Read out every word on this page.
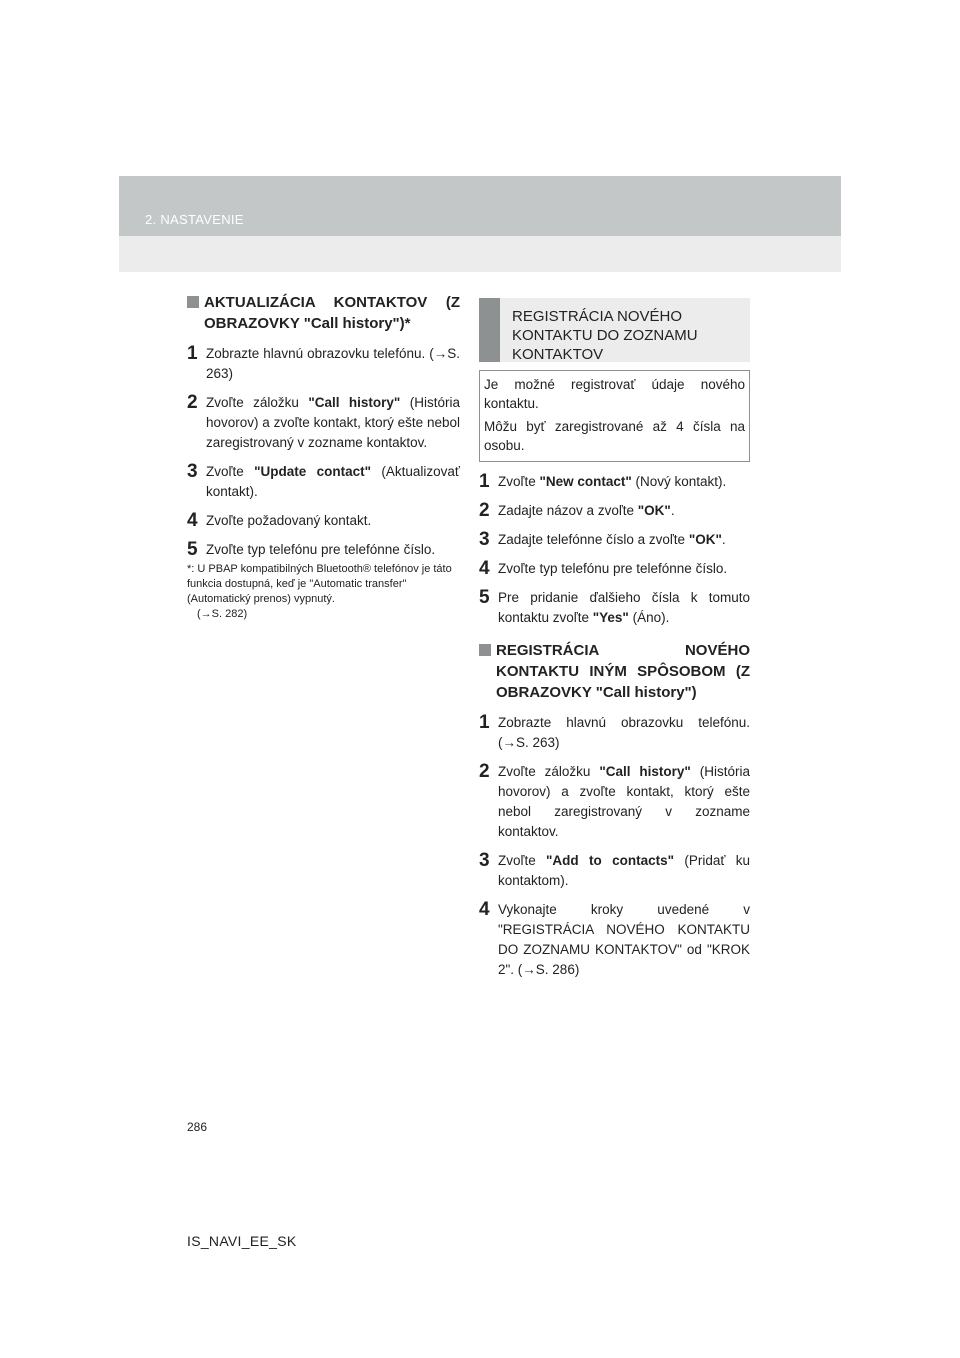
2. NASTAVENIE
AKTUALIZÁCIA KONTAKTOV (Z OBRAZOVKY "Call history")*
1 Zobrazte hlavnú obrazovku telefónu. (→S. 263)
2 Zvoľte záložku "Call history" (História hovorov) a zvoľte kontakt, ktorý ešte nebol zaregistrovaný v zozname kontaktov.
3 Zvoľte "Update contact" (Aktualizovať kontakt).
4 Zvoľte požadovaný kontakt.
5 Zvoľte typ telefónu pre telefónne číslo.
*: U PBAP kompatibilných Bluetooth® telefónov je táto funkcia dostupná, keď je "Automatic transfer" (Automatický prenos) vypnutý.
(→S. 282)
REGISTRÁCIA NOVÉHO KONTAKTU DO ZOZNAMU KONTAKTOV

Je možné registrovať údaje nového kontaktu.

Môžu byť zaregistrované až 4 čísla na osobu.

1 Zvoľte "New contact" (Nový kontakt).
2 Zadajte názov a zvoľte "OK".
3 Zadajte telefónne číslo a zvoľte "OK".
4 Zvoľte typ telefónu pre telefónne číslo.
5 Pre pridanie ďalšieho čísla k tomuto kontaktu zvoľte "Yes" (Áno).
REGISTRÁCIA NOVÉHO KONTAKTU INÝM SPÔSOBOM (Z OBRAZOVKY "Call history")
1 Zobrazte hlavnú obrazovku telefónu. (→S. 263)
2 Zvoľte záložku "Call history" (História hovorov) a zvoľte kontakt, ktorý ešte nebol zaregistrovaný v zozname kontaktov.
3 Zvoľte "Add to contacts" (Pridať ku kontaktom).
4 Vykonajte kroky uvedené v "REGISTRÁCIA NOVÉHO KONTAKTU DO ZOZNAMU KONTAKTOV" od "KROK 2". (→S. 286)
286
IS_NAVI_EE_SK
